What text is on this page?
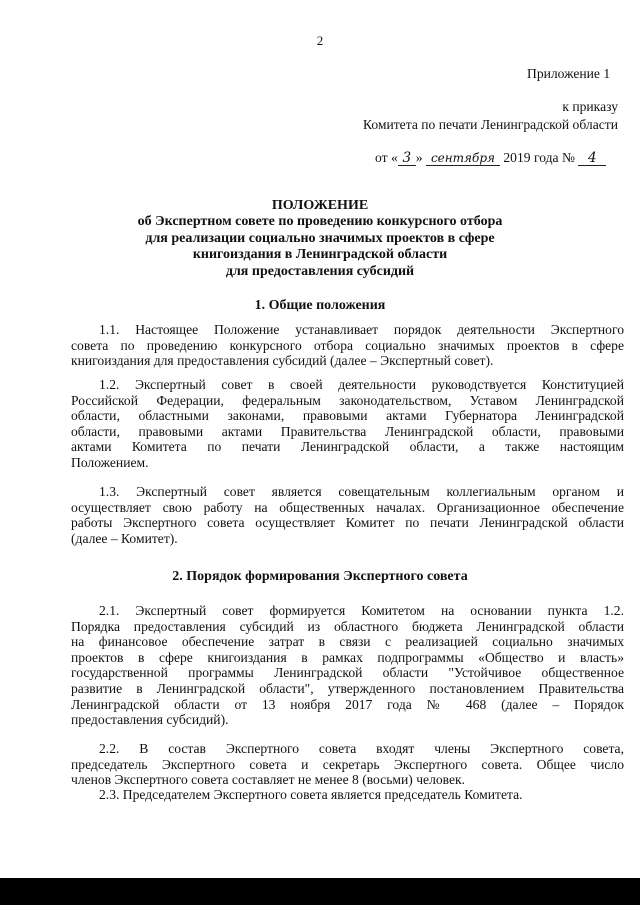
2
Приложение 1
к приказу
Комитета по печати Ленинградской области
от « 3 » сентября 2019 года № 4
ПОЛОЖЕНИЕ
об Экспертном совете по проведению конкурсного отбора
для реализации социально значимых проектов в сфере
книгоиздания в Ленинградской области
для предоставления субсидий
1. Общие положения
1.1. Настоящее Положение устанавливает порядок деятельности Экспертного
совета по проведению конкурсного отбора социально значимых проектов в сфере
книгоиздания для предоставления субсидий (далее – Экспертный совет).
1.2. Экспертный совет в своей деятельности руководствуется Конституцией
Российской Федерации, федеральным законодательством, Уставом Ленинградской
области, областными законами, правовыми актами Губернатора Ленинградской
области, правовыми актами Правительства Ленинградской области, правовыми
актами Комитета по печати Ленинградской области, а также настоящим
Положением.
1.3. Экспертный совет является совещательным коллегиальным органом и
осуществляет свою работу на общественных началах. Организационное обеспечение
работы Экспертного совета осуществляет Комитет по печати Ленинградской области
(далее – Комитет).
2. Порядок формирования Экспертного совета
2.1. Экспертный совет формируется Комитетом на основании пункта 1.2.
Порядка предоставления субсидий из областного бюджета Ленинградской области
на финансовое обеспечение затрат в связи с реализацией социально значимых
проектов в сфере книгоиздания в рамках подпрограммы «Общество и власть»
государственной программы Ленинградской области "Устойчивое общественное
развитие в Ленинградской области", утвержденного постановлением Правительства
Ленинградской области от 13 ноября 2017 года № 468 (далее – Порядок
предоставления субсидий).
2.2. В состав Экспертного совета входят члены Экспертного совета,
председатель Экспертного совета и секретарь Экспертного совета. Общее число
членов Экспертного совета составляет не менее 8 (восьми) человек.
2.3. Председателем Экспертного совета является председатель Комитета.
